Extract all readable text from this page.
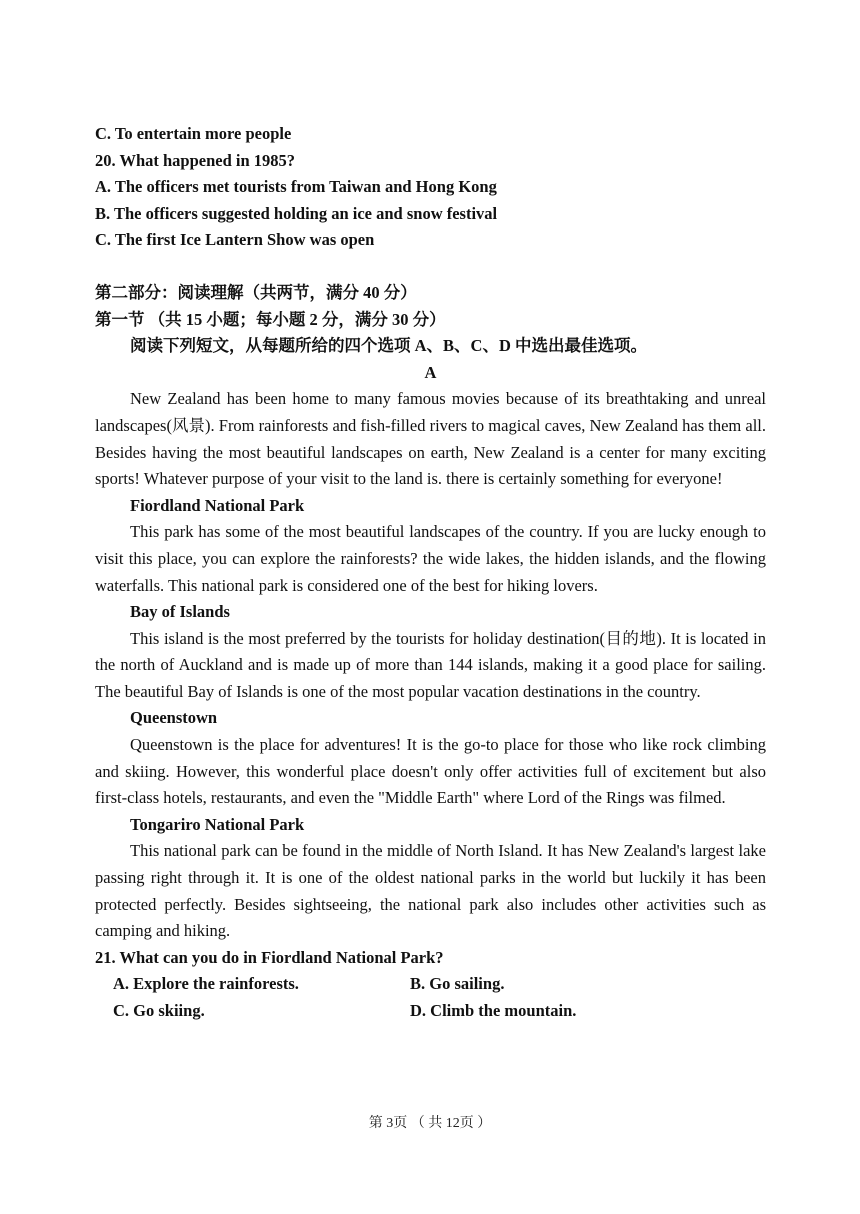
C. To entertain more people

20. What happened in 1985?

A. The officers met tourists from Taiwan and Hong Kong

B. The officers suggested holding an ice and snow festival

C. The first Ice Lantern Show was open

第二部分：阅读理解（共两节，满分 40 分）

第一节 （共 15 小题；每小题 2 分，满分 30 分）

阅读下列短文，从每题所给的四个选项 A、B、C、D 中选出最佳选项。

A

New Zealand has been home to many famous movies because of its breathtaking and unreal landscapes(风景). From rainforests and fish-filled rivers to magical caves, New Zealand has them all. Besides having the most beautiful landscapes on earth, New Zealand is a center for many exciting sports! Whatever purpose of your visit to the land is. there is certainly something for everyone!

Fiordland National Park

This park has some of the most beautiful landscapes of the country. If you are lucky enough to visit this place, you can explore the rainforests? the wide lakes, the hidden islands, and the flowing waterfalls. This national park is considered one of the best for hiking lovers.

Bay of Islands

This island is the most preferred by the tourists for holiday destination(目的地). It is located in the north of Auckland and is made up of more than 144 islands, making it a good place for sailing. The beautiful Bay of Islands is one of the most popular vacation destinations in the country.

Queenstown

Queenstown is the place for adventures! It is the go-to place for those who like rock climbing and skiing. However, this wonderful place doesn't only offer activities full of excitement but also first-class hotels, restaurants, and even the "Middle Earth" where Lord of the Rings was filmed.

Tongariro National Park

This national park can be found in the middle of North Island. It has New Zealand's largest lake passing right through it. It is one of the oldest national parks in the world but luckily it has been protected perfectly. Besides sightseeing, the national park also includes other activities such as camping and hiking.

21. What can you do in Fiordland National Park?

A. Explore the rainforests.	B. Go sailing.
C. Go skiing.	D. Climb the mountain.
第 3页 （ 共 12页 ）
